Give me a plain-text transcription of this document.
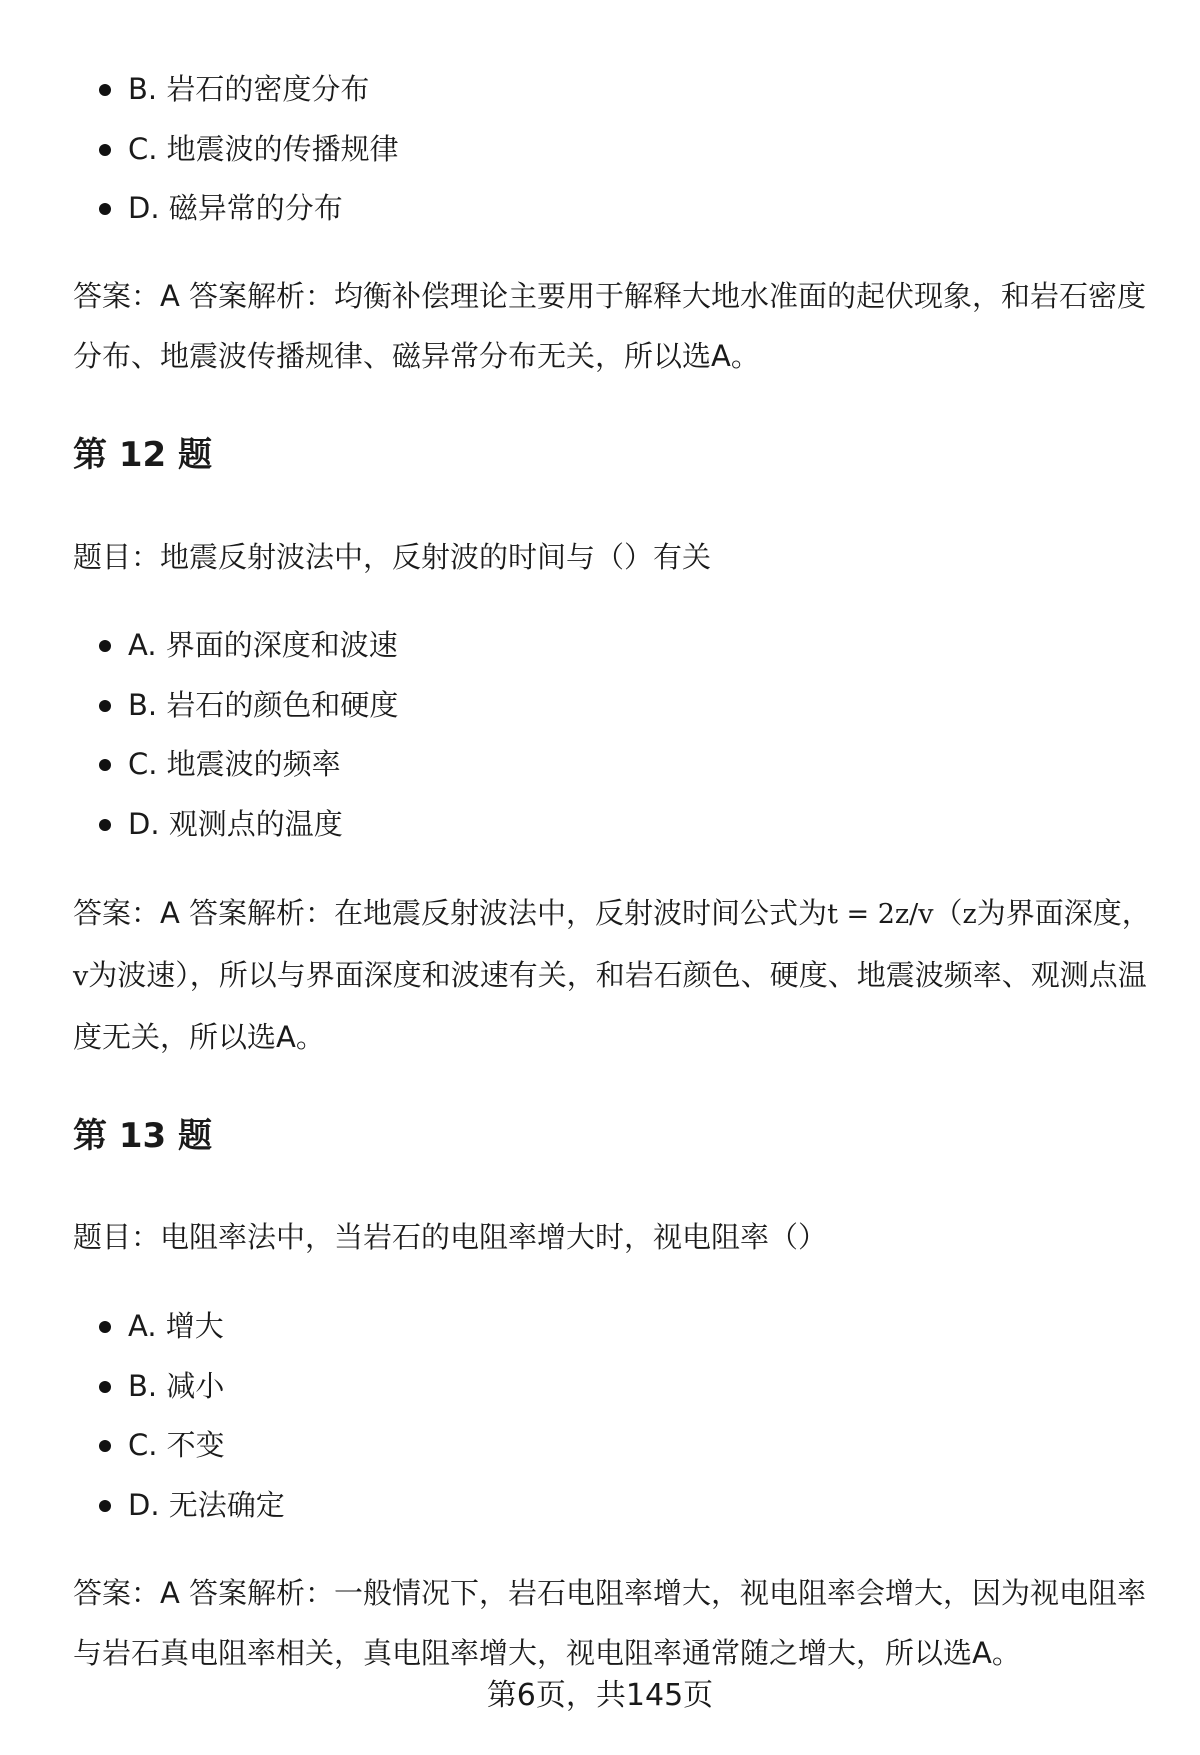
B. 岩石的密度分布
C. 地震波的传播规律
D. 磁异常的分布

答案：A 答案解析：均衡补偿理论主要用于解释大地水准面的起伏现象，和岩石密度分布、地震波传播规律、磁异常分布无关，所以选A。

第 12 题

题目：地震反射波法中，反射波的时间与（）有关

A. 界面的深度和波速
B. 岩石的颜色和硬度
C. 地震波的频率
D. 观测点的温度

答案：A 答案解析：在地震反射波法中，反射波时间公式为t = 2z/v（z为界面深度，v为波速），所以与界面深度和波速有关，和岩石颜色、硬度、地震波频率、观测点温度无关，所以选A。

第 13 题

题目：电阻率法中，当岩石的电阻率增大时，视电阻率（）

A. 增大
B. 减小
C. 不变
D. 无法确定

答案：A 答案解析：一般情况下，岩石电阻率增大，视电阻率会增大，因为视电阻率与岩石真电阻率相关，真电阻率增大，视电阻率通常随之增大，所以选A。

第6页，共145页
